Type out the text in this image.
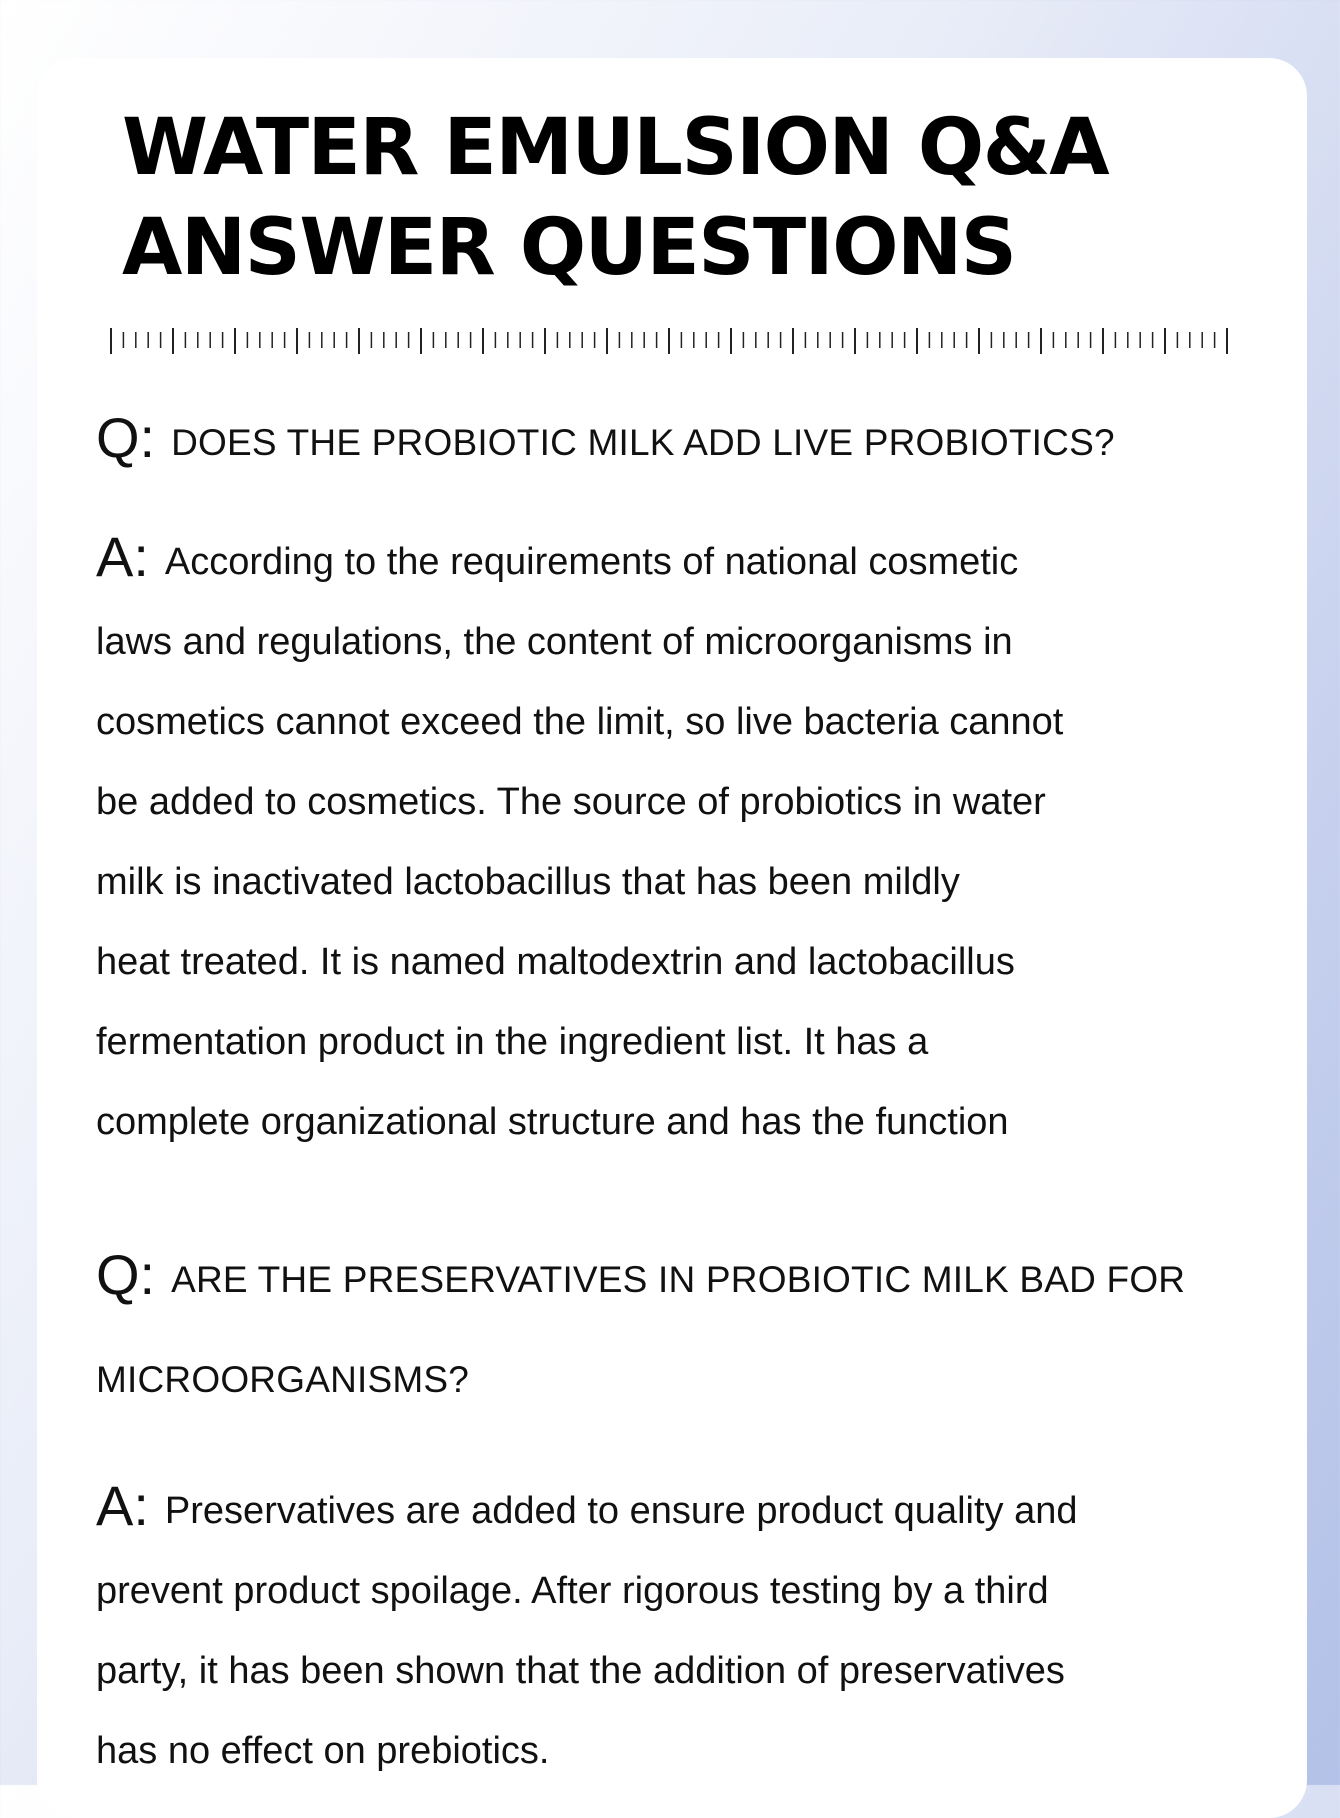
WATER EMULSION Q&A
ANSWER QUESTIONS

Q: DOES THE PROBIOTIC MILK ADD LIVE PROBIOTICS?

A: According to the requirements of national cosmetic
laws and regulations, the content of microorganisms in
cosmetics cannot exceed the limit, so live bacteria cannot
be added to cosmetics. The source of probiotics in water
milk is inactivated lactobacillus that has been mildly
heat treated. It is named maltodextrin and lactobacillus
fermentation product in the ingredient list. It has a
complete organizational structure and has the function

Q: ARE THE PRESERVATIVES IN PROBIOTIC MILK BAD FOR

MICROORGANISMS?

A: Preservatives are added to ensure product quality and
prevent product spoilage. After rigorous testing by a third
party, it has been shown that the addition of preservatives
has no effect on prebiotics.
